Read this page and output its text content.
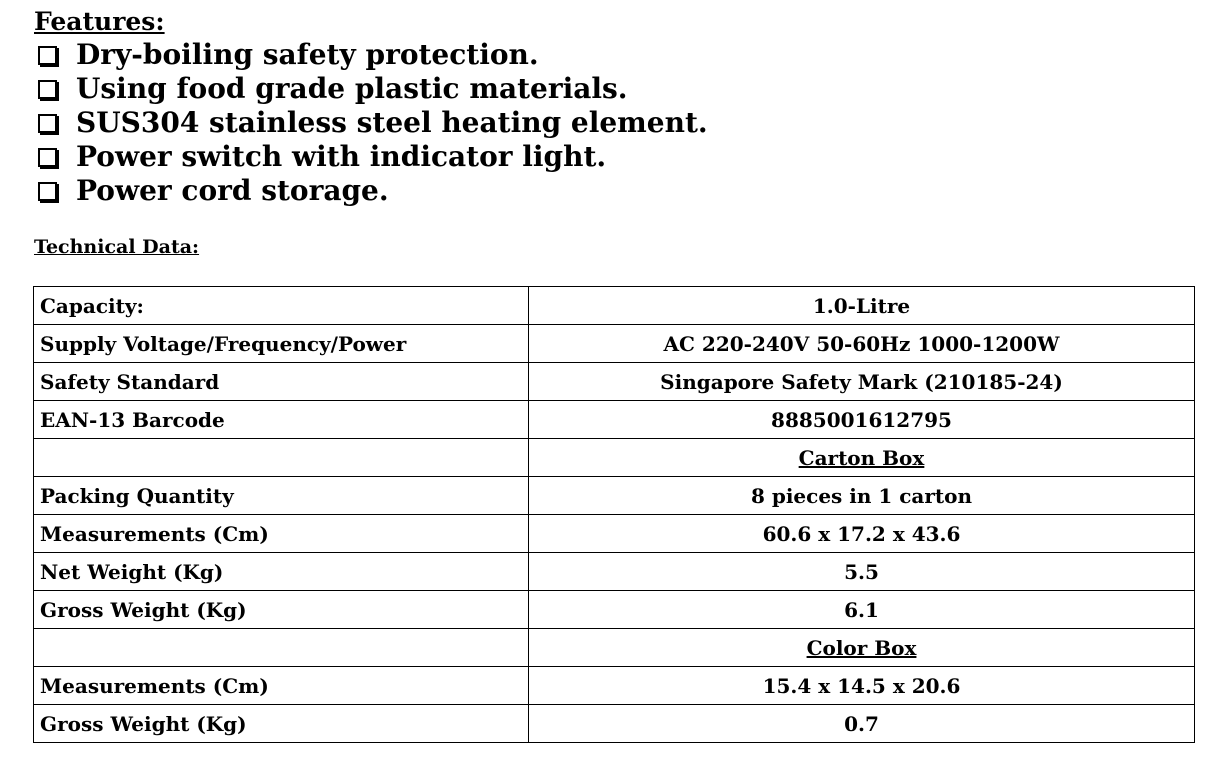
Features:
Dry-boiling safety protection.
Using food grade plastic materials.
SUS304 stainless steel heating element.
Power switch with indicator light.
Power cord storage.
Technical Data:
Capacity:	1.0-Litre
Supply Voltage/Frequency/Power	AC 220-240V 50-60Hz 1000-1200W
Safety Standard	Singapore Safety Mark (210185-24)
EAN-13 Barcode	8885001612795
	Carton Box
Packing Quantity	8 pieces in 1 carton
Measurements (Cm)	60.6 x 17.2 x 43.6
Net Weight (Kg)	5.5
Gross Weight (Kg)	6.1
	Color Box
Measurements (Cm)	15.4 x 14.5 x 20.6
Gross Weight (Kg)	0.7
